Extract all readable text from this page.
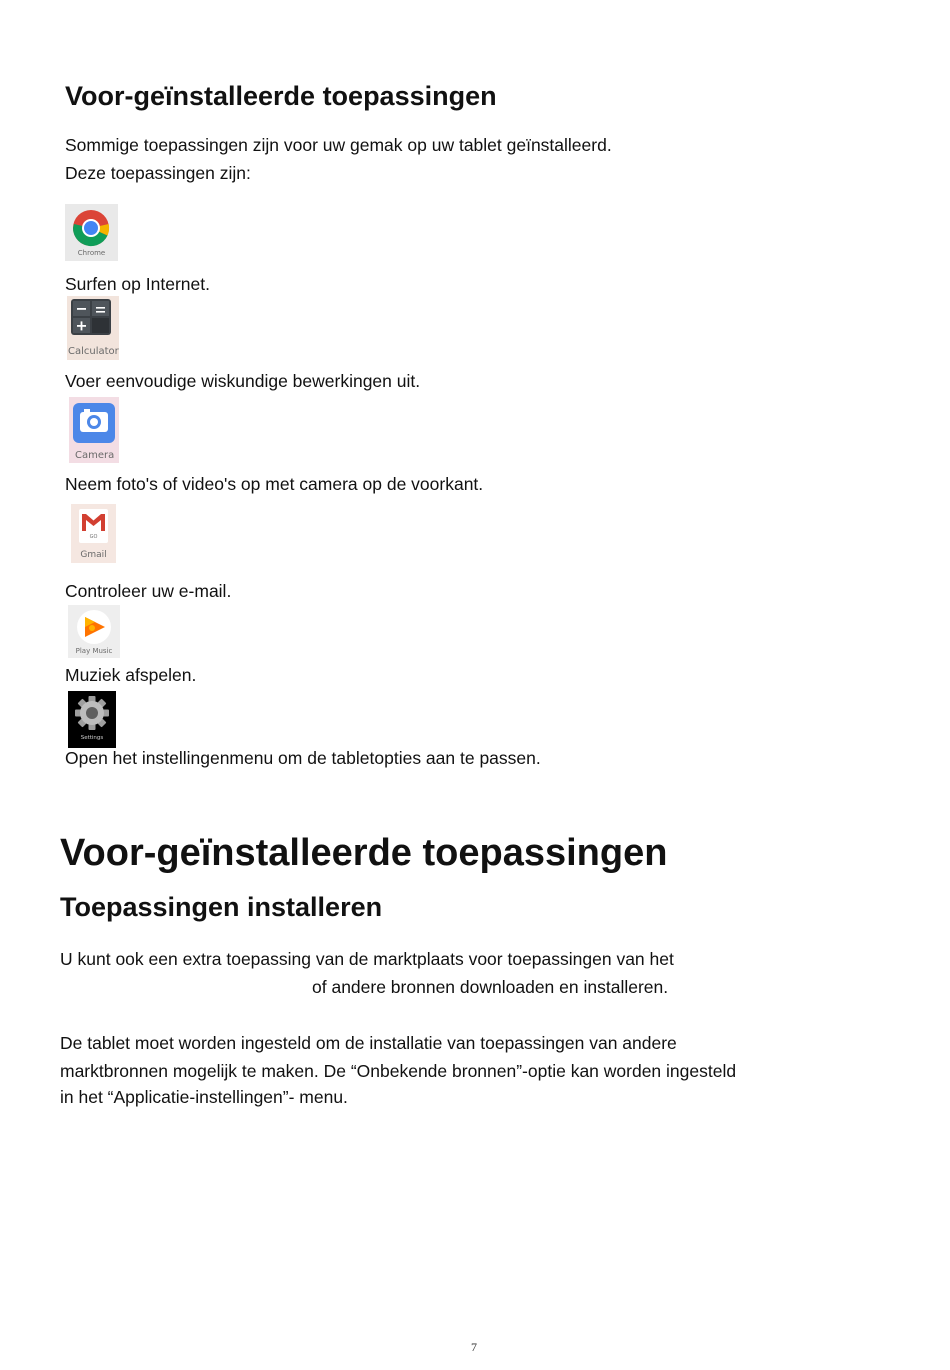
Voor-geïnstalleerde toepassingen
Sommige toepassingen zijn voor uw gemak op uw tablet geïnstalleerd.
Deze toepassingen zijn:
Chrome
Surfen op Internet.
Calculator
Voer eenvoudige wiskundige bewerkingen uit.
Camera
Neem foto's of video's op met camera op de voorkant.
GO
Gmail
Controleer uw e-mail.
Play Music
Muziek afspelen.
Settings
Open het instellingenmenu om de tabletopties aan te passen.
Voor-geïnstalleerde toepassingen
Toepassingen installeren
U kunt ook een extra toepassing van de marktplaats voor toepassingen van het
of andere bronnen downloaden en installeren.
De tablet moet worden ingesteld om de installatie van toepassingen van andere
marktbronnen mogelijk te maken. De “Onbekende bronnen”-optie kan worden ingesteld
in het “Applicatie-instellingen”- menu.
7
